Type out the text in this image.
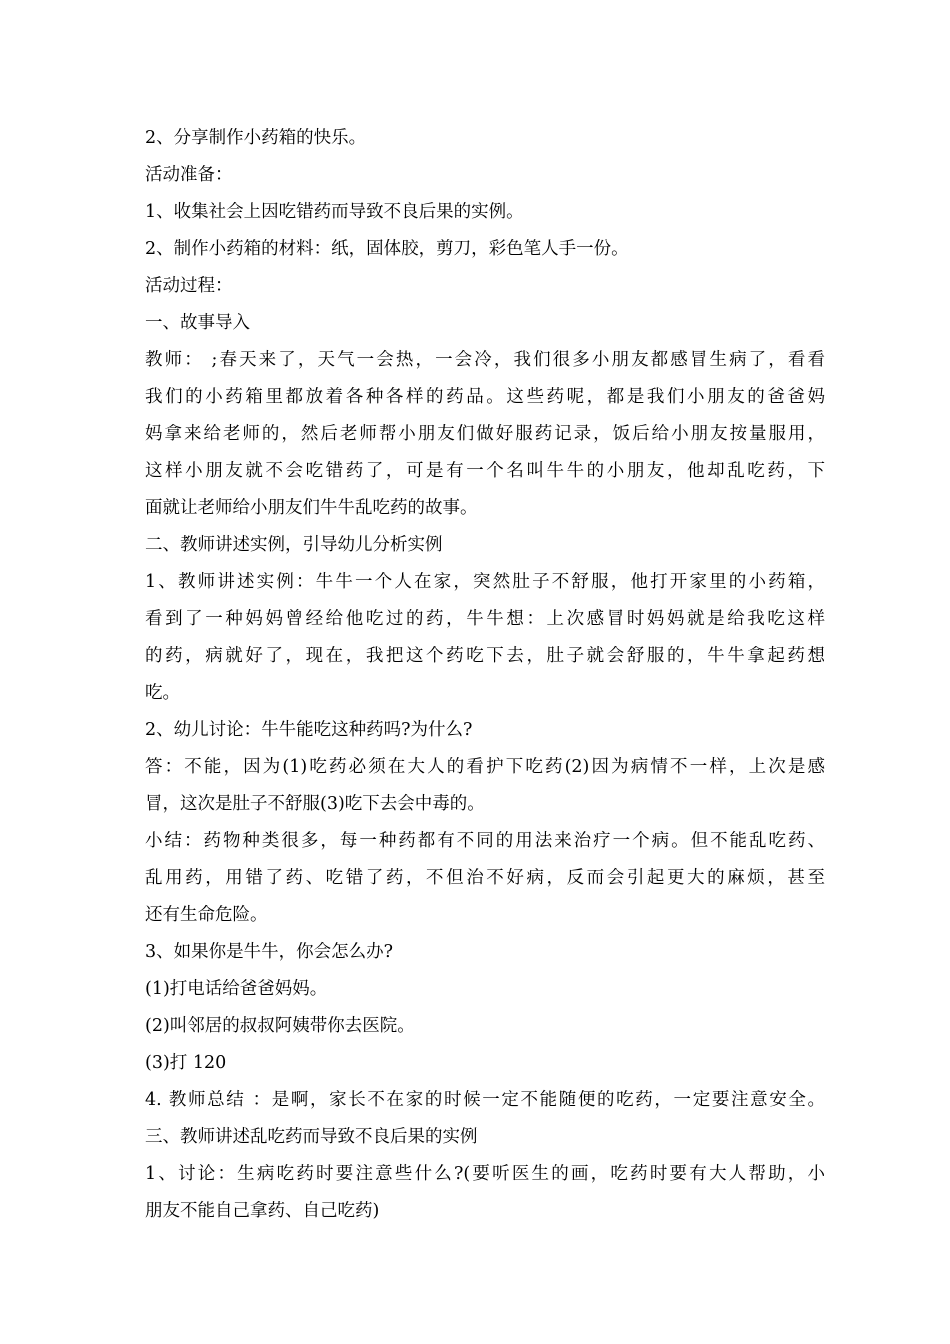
2、分享制作小药箱的快乐。
活动准备：
1、收集社会上因吃错药而导致不良后果的实例。
2、制作小药箱的材料：纸，固体胶，剪刀，彩色笔人手一份。
活动过程：
一、故事导入
教师： ;春天来了，天气一会热，一会冷，我们很多小朋友都感冒生病了，看看
我们的小药箱里都放着各种各样的药品。这些药呢，都是我们小朋友的爸爸妈
妈拿来给老师的，然后老师帮小朋友们做好服药记录，饭后给小朋友按量服用，
这样小朋友就不会吃错药了，可是有一个名叫牛牛的小朋友，他却乱吃药，下
面就让老师给小朋友们牛牛乱吃药的故事。
二、教师讲述实例，引导幼儿分析实例
1、教师讲述实例：牛牛一个人在家，突然肚子不舒服，他打开家里的小药箱，
看到了一种妈妈曾经给他吃过的药，牛牛想：上次感冒时妈妈就是给我吃这样
的药，病就好了，现在，我把这个药吃下去，肚子就会舒服的，牛牛拿起药想
吃。
2、幼儿讨论：牛牛能吃这种药吗?为什么?
答：不能，因为(1)吃药必须在大人的看护下吃药(2)因为病情不一样，上次是感
冒，这次是肚子不舒服(3)吃下去会中毒的。
小结：药物种类很多，每一种药都有不同的用法来治疗一个病。但不能乱吃药、
乱用药，用错了药、吃错了药，不但治不好病，反而会引起更大的麻烦，甚至
还有生命危险。
3、如果你是牛牛，你会怎么办?
(1)打电话给爸爸妈妈。
(2)叫邻居的叔叔阿姨带你去医院。
(3)打 120
4. 教师总结 ：是啊，家长不在家的时候一定不能随便的吃药，一定要注意安全。
三、教师讲述乱吃药而导致不良后果的实例
1、讨论：生病吃药时要注意些什么?(要听医生的画，吃药时要有大人帮助，小
朋友不能自己拿药、自己吃药)
